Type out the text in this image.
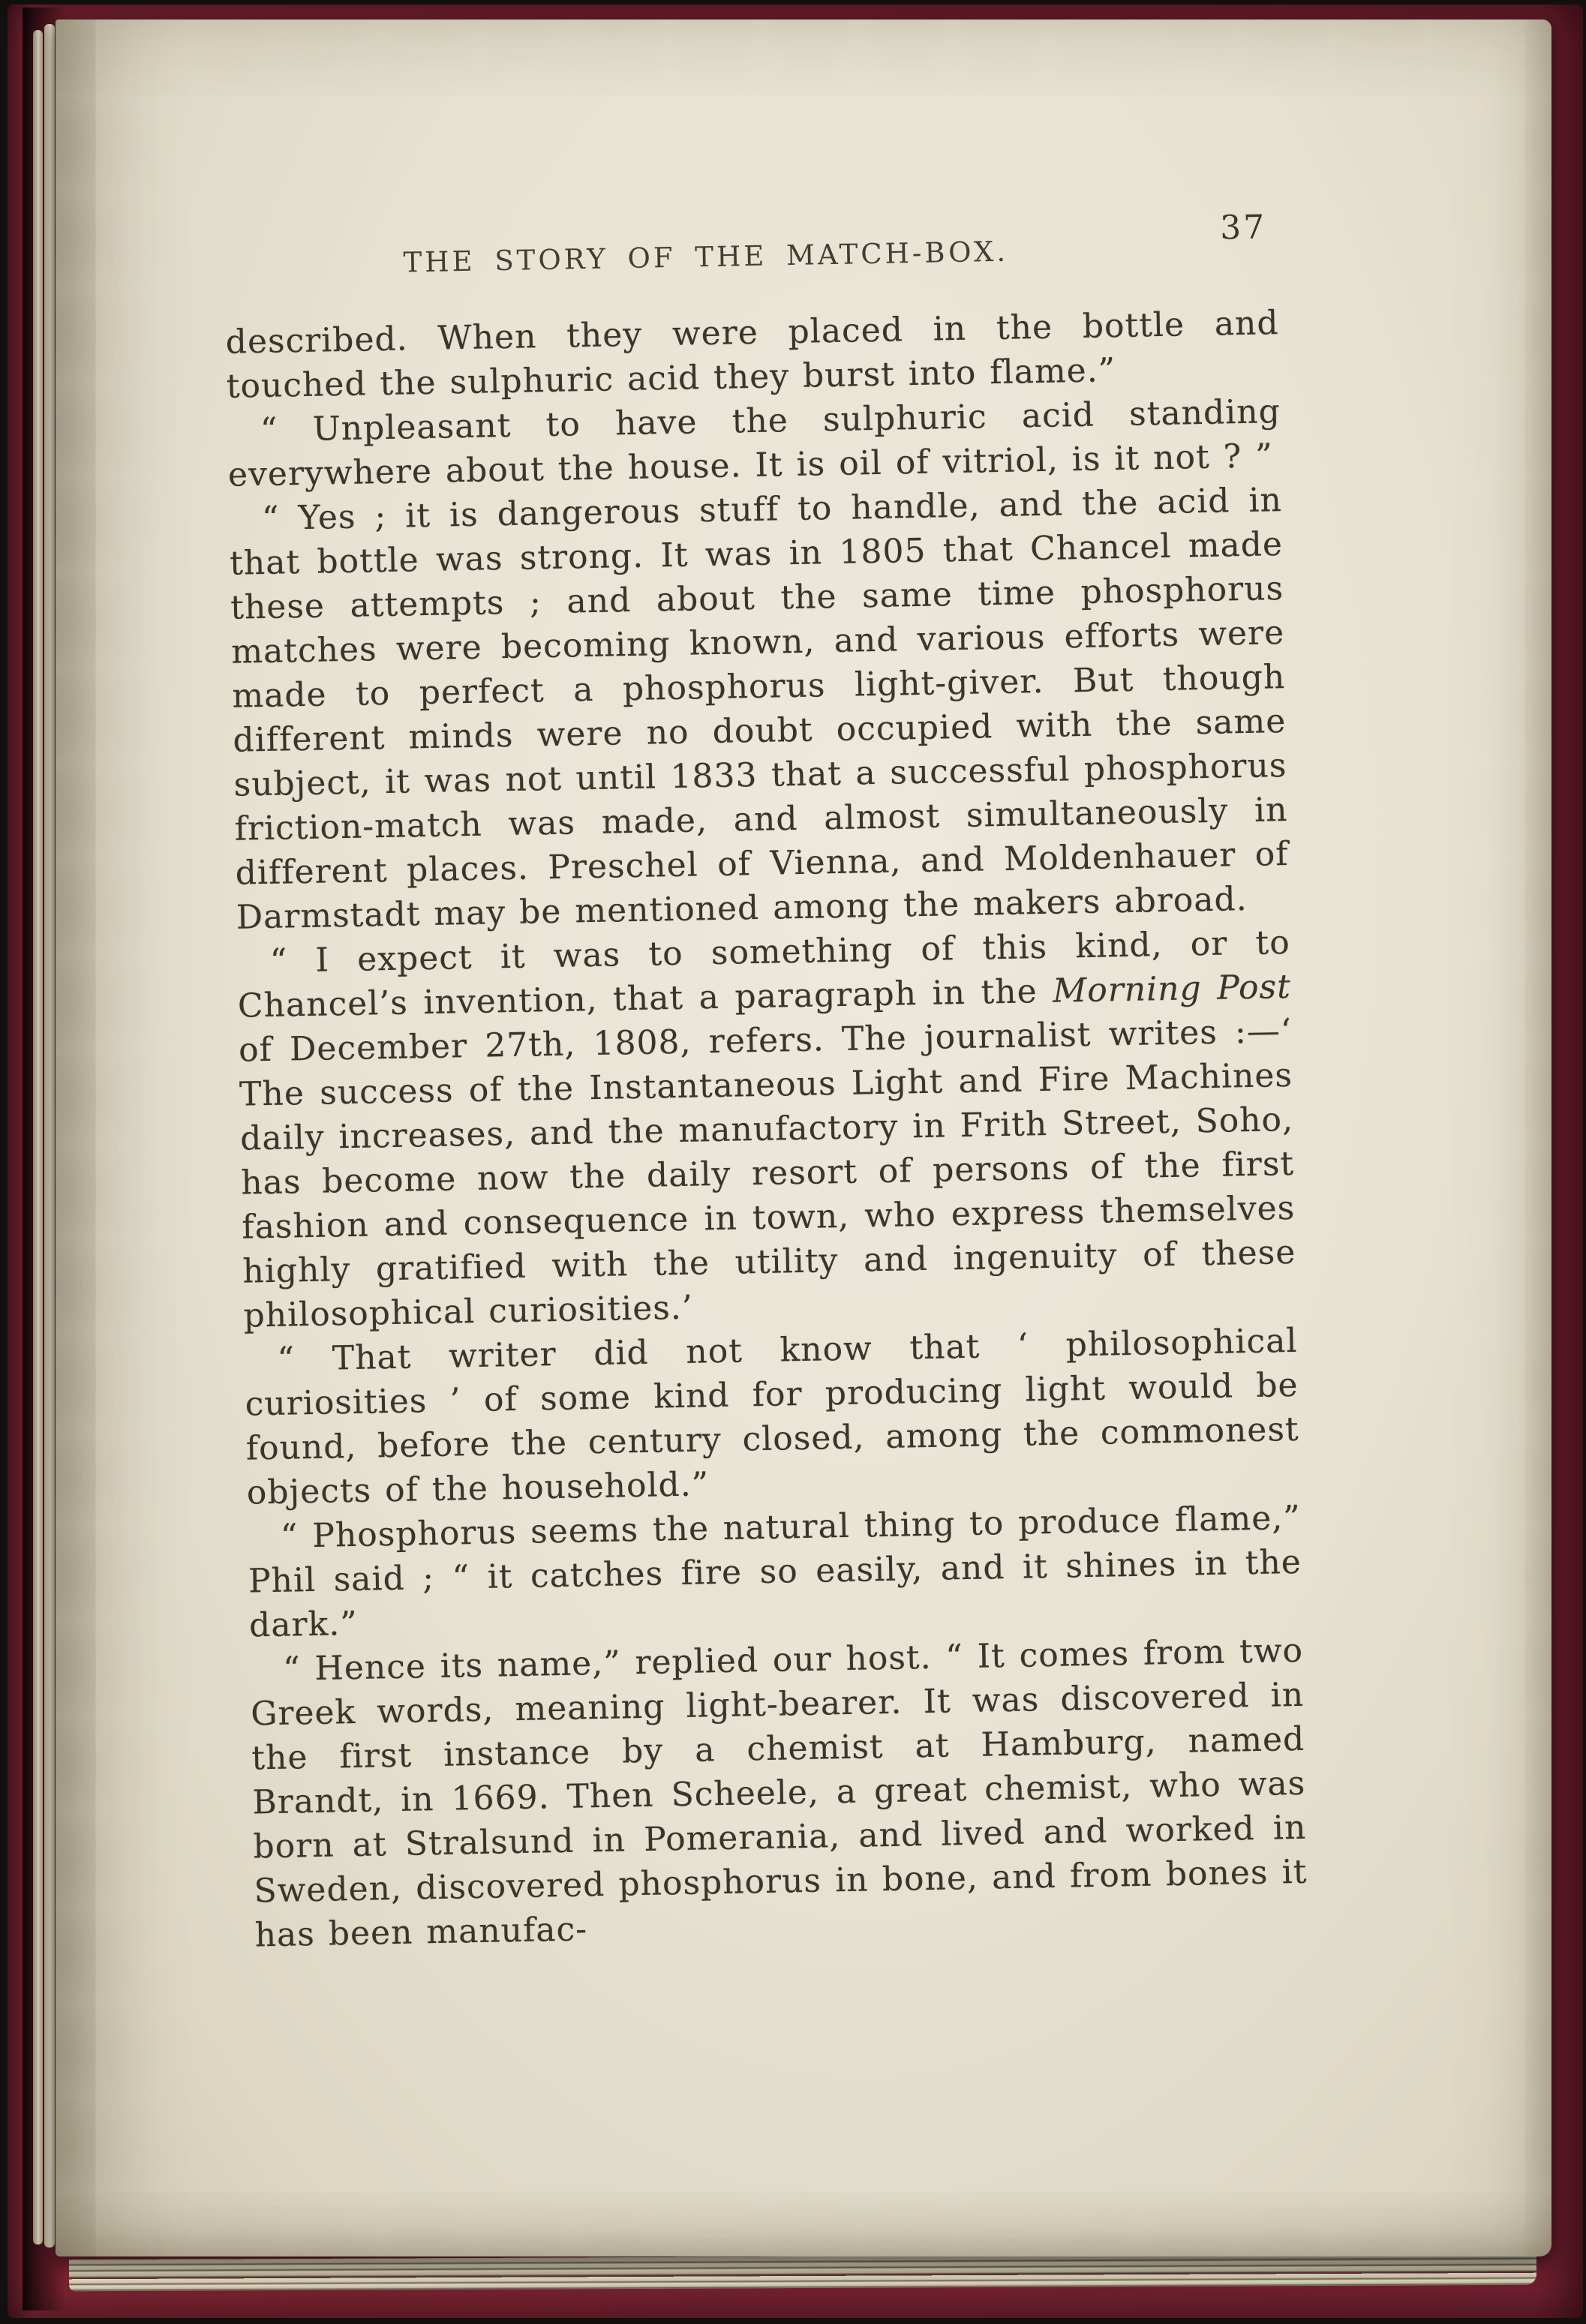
THE STORY OF THE MATCH-BOX.
37

described. When they were placed in the bottle and touched the sulphuric acid they burst into flame.”

“ Unpleasant to have the sulphuric acid standing everywhere about the house. It is oil of vitriol, is it not ? ”

“ Yes ; it is dangerous stuff to handle, and the acid in that bottle was strong. It was in 1805 that Chancel made these attempts ; and about the same time phosphorus matches were becoming known, and various efforts were made to perfect a phosphorus light-giver. But though different minds were no doubt occupied with the same subject, it was not until 1833 that a successful phosphorus friction-match was made, and almost simultaneously in different places. Preschel of Vienna, and Moldenhauer of Darmstadt may be mentioned among the makers abroad.

“ I expect it was to something of this kind, or to Chancel’s invention, that a paragraph in the Morning Post of December 27th, 1808, refers. The journalist writes :—‘ The success of the Instantaneous Light and Fire Machines daily increases, and the manufactory in Frith Street, Soho, has become now the daily resort of persons of the first fashion and consequence in town, who express themselves highly gratified with the utility and ingenuity of these philosophical curiosities.’

“ That writer did not know that ‘ philosophical curiosities ’ of some kind for producing light would be found, before the century closed, among the commonest objects of the household.”

“ Phosphorus seems the natural thing to produce flame,” Phil said ; “ it catches fire so easily, and it shines in the dark.”

“ Hence its name,” replied our host. “ It comes from two Greek words, meaning light-bearer. It was discovered in the first instance by a chemist at Hamburg, named Brandt, in 1669. Then Scheele, a great chemist, who was born at Stralsund in Pomerania, and lived and worked in Sweden, discovered phosphorus in bone, and from bones it has been manufac-
